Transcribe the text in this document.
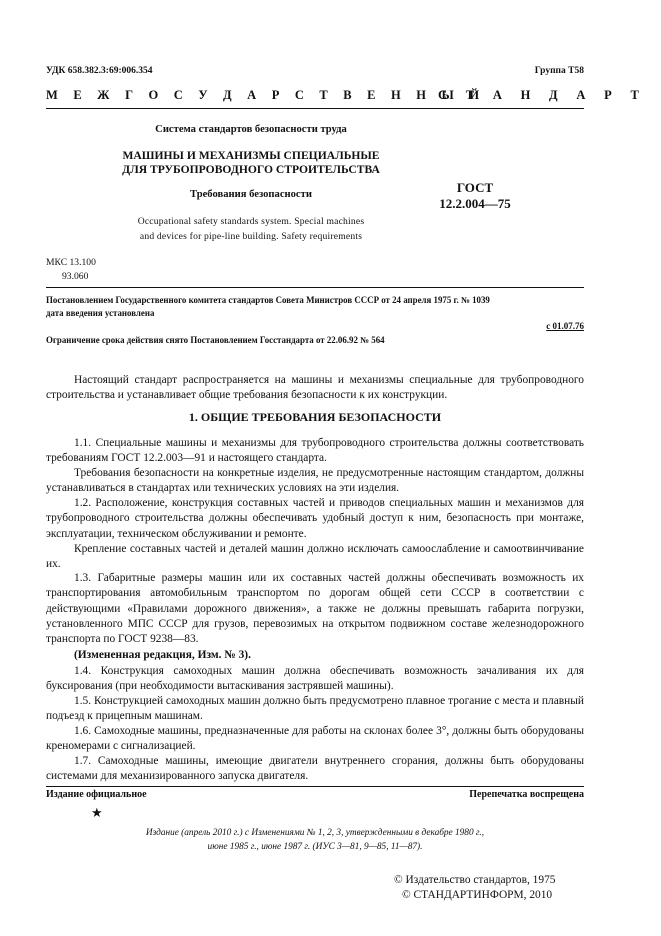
УДК 658.382.3:69:006.354	Группа Т58
М Е Ж Г О С У Д А Р С Т В Е Н Н Ы Й
С Т А Н Д А Р Т
Система стандартов безопасности труда
МАШИНЫ И МЕХАНИЗМЫ СПЕЦИАЛЬНЫЕ
ДЛЯ ТРУБОПРОВОДНОГО СТРОИТЕЛЬСТВА
Требования безопасности
Occupational safety standards system. Special machines
and devices for pipe-line building. Safety requirements
ГОСТ
12.2.004—75
МКС 13.100
93.060
Постановлением Государственного комитета стандартов Совета Министров СССР от 24 апреля 1975 г. № 1039
дата введения установлена
с 01.07.76
Ограничение срока действия снято Постановлением Госстандарта от 22.06.92 № 564

Настоящий стандарт распространяется на машины и механизмы специальные для трубопроводного строительства и устанавливает общие требования безопасности к их конструкции.

1. ОБЩИЕ ТРЕБОВАНИЯ БЕЗОПАСНОСТИ

1.1. Специальные машины и механизмы для трубопроводного строительства должны соответствовать требованиям ГОСТ 12.2.003—91 и настоящего стандарта.

Требования безопасности на конкретные изделия, не предусмотренные настоящим стандартом, должны устанавливаться в стандартах или технических условиях на эти изделия.

1.2. Расположение, конструкция составных частей и приводов специальных машин и механизмов для трубопроводного строительства должны обеспечивать удобный доступ к ним, безопасность при монтаже, эксплуатации, техническом обслуживании и ремонте.

Крепление составных частей и деталей машин должно исключать самоослабление и самоотвинчивание их.

1.3. Габаритные размеры машин или их составных частей должны обеспечивать возможность их транспортирования автомобильным транспортом по дорогам общей сети СССР в соответствии с действующими «Правилами дорожного движения», а также не должны превышать габарита погрузки, установленного МПС СССР для грузов, перевозимых на открытом подвижном составе железнодорожного транспорта по ГОСТ 9238—83.

(Измененная редакция, Изм. № 3).

1.4. Конструкция самоходных машин должна обеспечивать возможность зачаливания их для буксирования (при необходимости вытаскивания застрявшей машины).

1.5. Конструкцией самоходных машин должно быть предусмотрено плавное трогание с места и плавный подъезд к прицепным машинам.

1.6. Самоходные машины, предназначенные для работы на склонах более 3°, должны быть оборудованы креномерами с сигнализацией.

1.7. Самоходные машины, имеющие двигатели внутреннего сгорания, должны быть оборудованы системами для механизированного запуска двигателя.

Издание официальное	Перепечатка воспрещена
★
Издание (апрель 2010 г.) с Изменениями № 1, 2, 3, утвержденными в декабре 1980 г.,
июне 1985 г., июне 1987 г. (ИУС 3—81, 9—85, 11—87).
© Издательство стандартов, 1975
© СТАНДАРТИНФОРМ, 2010
